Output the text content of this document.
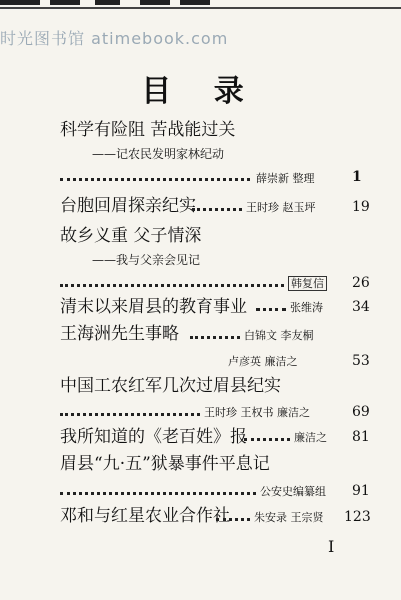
时光图书馆 atimebook.com
目 录
科学有险阻 苦战能过关
——记农民发明家林纪动
薛崇新 整理	1
台胞回眉探亲纪实	王时珍 赵玉坪	19
故乡义重 父子情深
——我与父亲会见记
韩复信 26
清末以来眉县的教育事业	张维涛 34
王海洲先生事略	白锦文 李友桐
卢彦英 廉洁之	53
中国工农红军几次过眉县纪实
王时珍 王权书 廉洁之	69
我所知道的《老百姓》报	廉洁之 81
眉县“九·五”狱暴事件平息记
公安史编纂组 91
邓和与红星农业合作社 朱安录 王宗贤 123
I
